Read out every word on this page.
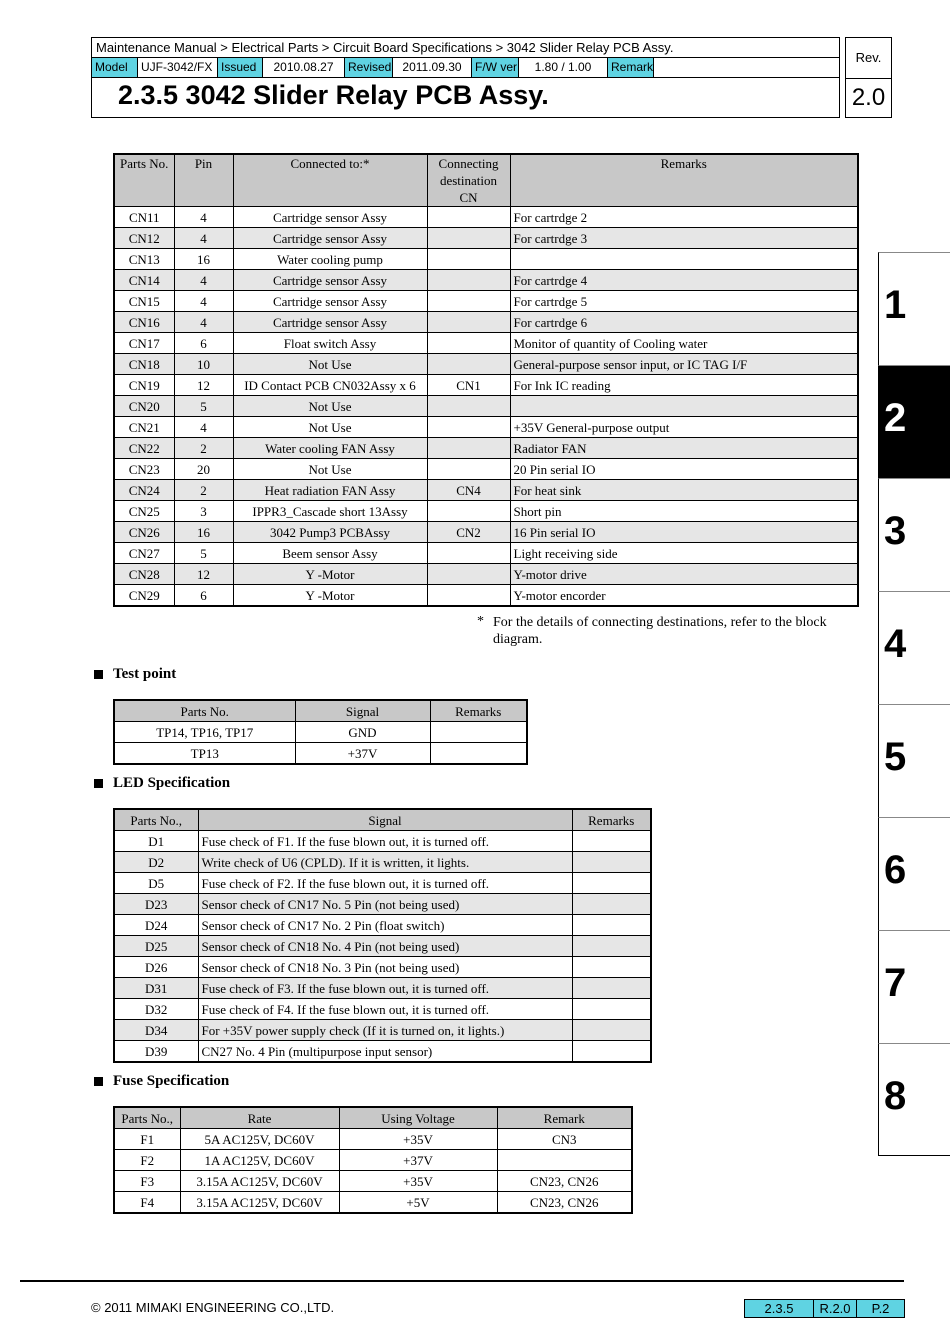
Maintenance Manual > Electrical Parts > Circuit Board Specifications > 3042 Slider Relay PCB Assy.
Model	UJF-3042/FX Issued	2010.08.27	Revised 2011.09.30	F/W ver	1.80 / 1.00	Remark
2.3.5 3042 Slider Relay PCB Assy.
Rev.
2.0
Parts No.	Pin	Connected to:*	Connecting destination CN	Remarks
CN11	4	Cartridge sensor Assy		For cartrdge 2
CN12	4	Cartridge sensor Assy		For cartrdge 3
CN13	16	Water cooling pump		
CN14	4	Cartridge sensor Assy		For cartrdge 4
CN15	4	Cartridge sensor Assy		For cartrdge 5
CN16	4	Cartridge sensor Assy		For cartrdge 6
CN17	6	Float switch Assy		Monitor of quantity of Cooling water
CN18	10	Not Use		General-purpose sensor input, or IC TAG I/F
CN19	12	ID Contact PCB CN032Assy x 6	CN1	For Ink IC reading
CN20	5	Not Use		
CN21	4	Not Use		+35V General-purpose output
CN22	2	Water cooling FAN Assy		Radiator FAN
CN23	20	Not Use		20 Pin serial IO
CN24	2	Heat radiation FAN Assy	CN4	For heat sink
CN25	3	IPPR3_Cascade short 13Assy		Short pin
CN26	16	3042 Pump3 PCBAssy	CN2	16 Pin serial IO
CN27	5	Beem sensor Assy		Light receiving side
CN28	12	Y -Motor		Y-motor drive
CN29	6	Y -Motor		Y-motor encorder
* For the details of connecting destinations, refer to the block diagram.
Test point
Parts No.	Signal	Remarks
TP14, TP16, TP17	GND	
TP13	+37V	
LED Specification
Parts No.,	Signal	Remarks
D1	Fuse check of F1. If the fuse blown out, it is turned off.	
D2	Write check of U6 (CPLD). If it is written, it lights.	
D5	Fuse check of F2. If the fuse blown out, it is turned off.	
D23	Sensor check of CN17 No. 5 Pin (not being used)	
D24	Sensor check of CN17 No. 2 Pin (float switch)	
D25	Sensor check of CN18 No. 4 Pin (not being used)	
D26	Sensor check of CN18 No. 3 Pin (not being used)	
D31	Fuse check of F3. If the fuse blown out, it is turned off.	
D32	Fuse check of F4. If the fuse blown out, it is turned off.	
D34	For +35V power supply check (If it is turned on, it lights.)	
D39	CN27 No. 4 Pin (multipurpose input sensor)	
Fuse Specification
Parts No.,	Rate	Using Voltage	Remark
F1	5A AC125V, DC60V	+35V	CN3
F2	1A AC125V, DC60V	+37V	
F3	3.15A AC125V, DC60V	+35V	CN23, CN26
F4	3.15A AC125V, DC60V	+5V	CN23, CN26
1
2
3
4
5
6
7
8
© 2011 MIMAKI ENGINEERING CO.,LTD.	2.3.5	R.2.0	P.2
